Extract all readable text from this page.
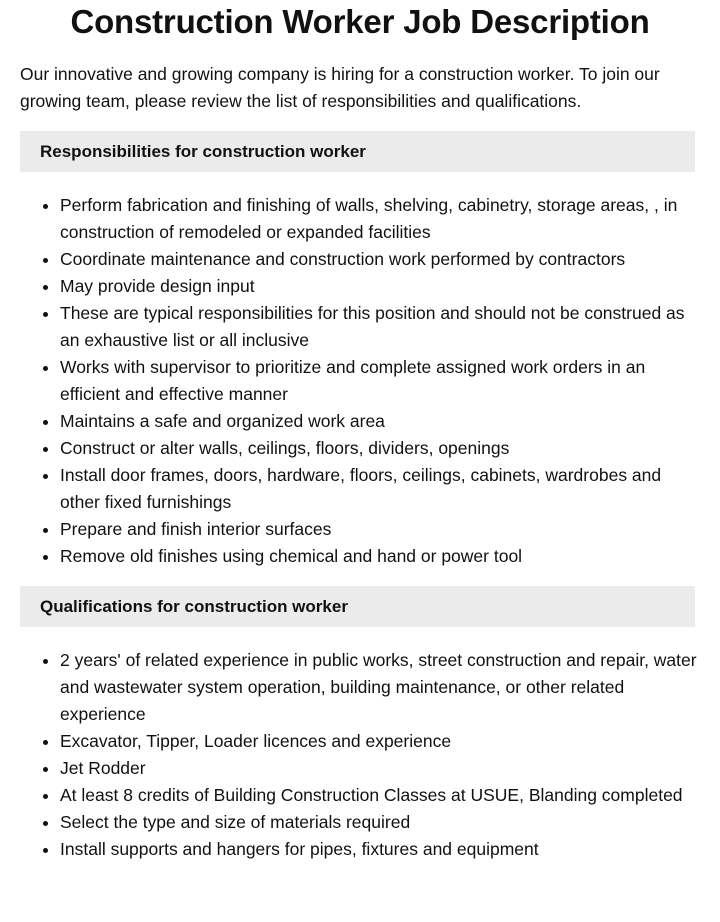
Construction Worker Job Description

Our innovative and growing company is hiring for a construction worker. To join our growing team, please review the list of responsibilities and qualifications.

Responsibilities for construction worker
• Perform fabrication and finishing of walls, shelving, cabinetry, storage areas, , in construction of remodeled or expanded facilities
• Coordinate maintenance and construction work performed by contractors
• May provide design input
• These are typical responsibilities for this position and should not be construed as an exhaustive list or all inclusive
• Works with supervisor to prioritize and complete assigned work orders in an efficient and effective manner
• Maintains a safe and organized work area
• Construct or alter walls, ceilings, floors, dividers, openings
• Install door frames, doors, hardware, floors, ceilings, cabinets, wardrobes and other fixed furnishings
• Prepare and finish interior surfaces
• Remove old finishes using chemical and hand or power tool
Qualifications for construction worker
• 2 years' of related experience in public works, street construction and repair, water and wastewater system operation, building maintenance, or other related experience
• Excavator, Tipper, Loader licences and experience
• Jet Rodder
• At least 8 credits of Building Construction Classes at USUE, Blanding completed
• Select the type and size of materials required
• Install supports and hangers for pipes, fixtures and equipment
